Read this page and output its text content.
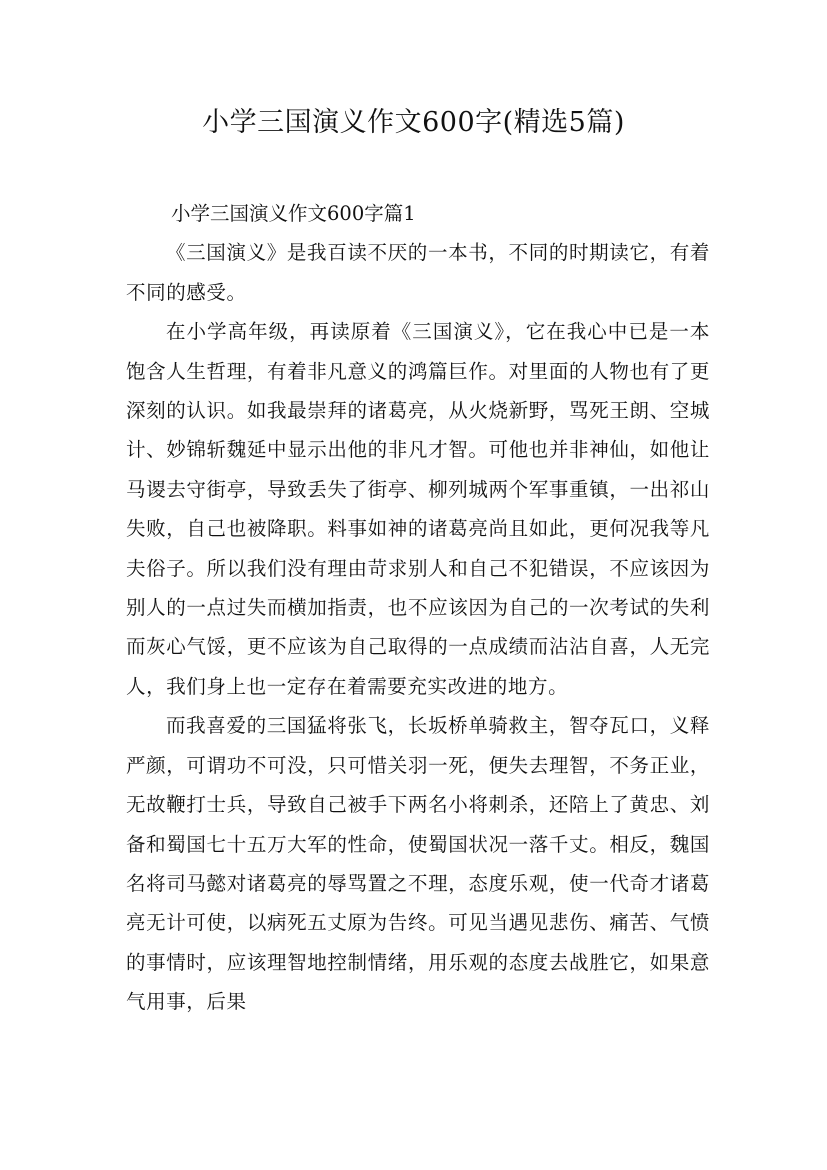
小学三国演义作文600字(精选5篇)
小学三国演义作文600字篇1

《三国演义》是我百读不厌的一本书，不同的时期读它，有着不同的感受。

在小学高年级，再读原着《三国演义》，它在我心中已是一本饱含人生哲理，有着非凡意义的鸿篇巨作。对里面的人物也有了更深刻的认识。如我最崇拜的诸葛亮，从火烧新野，骂死王朗、空城计、妙锦斩魏延中显示出他的非凡才智。可他也并非神仙，如他让马谡去守街亭，导致丢失了街亭、柳列城两个军事重镇，一出祁山失败，自己也被降职。料事如神的诸葛亮尚且如此，更何况我等凡夫俗子。所以我们没有理由苛求别人和自己不犯错误，不应该因为别人的一点过失而横加指责，也不应该因为自己的一次考试的失利而灰心气馁，更不应该为自己取得的一点成绩而沾沾自喜，人无完人，我们身上也一定存在着需要充实改进的地方。

而我喜爱的三国猛将张飞，长坂桥单骑救主，智夺瓦口，义释严颜，可谓功不可没，只可惜关羽一死，便失去理智，不务正业，无故鞭打士兵，导致自己被手下两名小将刺杀，还陪上了黄忠、刘备和蜀国七十五万大军的性命，使蜀国状况一落千丈。相反，魏国名将司马懿对诸葛亮的辱骂置之不理，态度乐观，使一代奇才诸葛亮无计可使，以病死五丈原为告终。可见当遇见悲伤、痛苦、气愤的事情时，应该理智地控制情绪，用乐观的态度去战胜它，如果意气用事，后果
